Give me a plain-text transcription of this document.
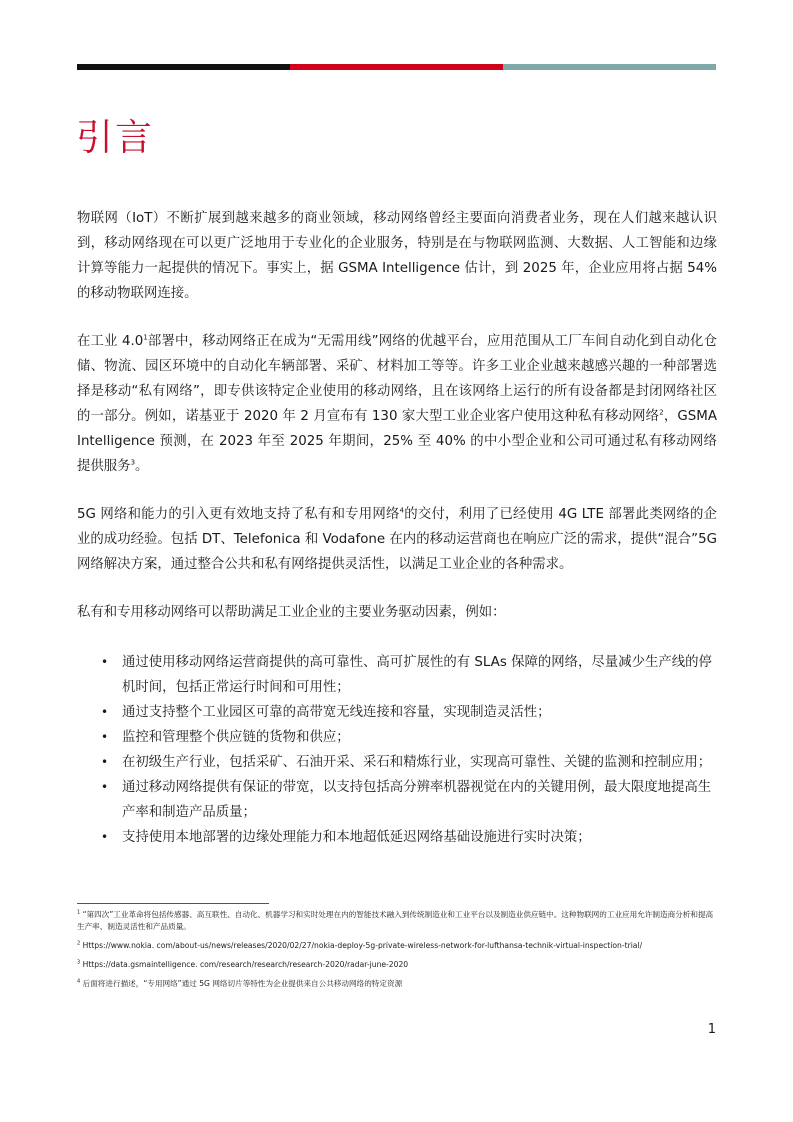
引言

物联网（IoT）不断扩展到越来越多的商业领域，移动网络曾经主要面向消费者业务，现在人们越来越认识到，移动网络现在可以更广泛地用于专业化的企业服务，特别是在与物联网监测、大数据、人工智能和边缘计算等能力一起提供的情况下。事实上，据 GSMA Intelligence 估计，到 2025 年，企业应用将占据 54% 的移动物联网连接。

在工业 $4.0^1$部署中，移动网络正在成为“无需用线”网络的优越平台，应用范围从工厂车间自动化到自动化仓储、物流、园区环境中的自动化车辆部署、采矿、材料加工等等。许多工业企业越来越感兴趣的一种部署选择是移动“私有网络”，即专供该特定企业使用的移动网络，且在该网络上运行的所有设备都是封闭网络社区的一部分。例如，诺基亚于 2020 年 2 月宣布有 130 家大型工业企业客户使用这种私有移动网络$^2$，GSMA Intelligence 预测，在 2023 年至 2025 年期间，25% 至 40% 的中小型企业和公司可通过私有移动网络提供服务$^3$。

5G 网络和能力的引入更有效地支持了私有和专用网络$^4$的交付，利用了已经使用 4G LTE 部署此类网络的企业的成功经验。包括 DT、Telefonica 和 Vodafone 在内的移动运营商也在响应广泛的需求，提供“混合”5G 网络解决方案，通过整合公共和私有网络提供灵活性，以满足工业企业的各种需求。

私有和专用移动网络可以帮助满足工业企业的主要业务驱动因素，例如：

• 通过使用移动网络运营商提供的高可靠性、高可扩展性的有 SLAs 保障的网络，尽量减少生产线的停机时间，包括正常运行时间和可用性；
• 通过支持整个工业园区可靠的高带宽无线连接和容量，实现制造灵活性；
• 监控和管理整个供应链的货物和供应；
• 在初级生产行业，包括采矿、石油开采、采石和精炼行业，实现高可靠性、关键的监测和控制应用；
• 通过移动网络提供有保证的带宽，以支持包括高分辨率机器视觉在内的关键用例，最大限度地提高生产率和制造产品质量；
• 支持使用本地部署的边缘处理能力和本地超低延迟网络基础设施进行实时决策；

$^1$ “第四次”工业革命将包括传感器、高互联性、自动化、机器学习和实时处理在内的智能技术融入到传统制造业和工业平台以及制造业供应链中。这种物联网的工业应用允许制造商分析和提高生产率、制造灵活性和产品质量。

$^2$ Https://www.nokia. com/about-us/news/releases/2020/02/27/nokia-deploy-5g-private-wireless-network-for-lufthansa-technik-virtual-inspection-trial/

$^3$ Https://data.gsmaintelligence. com/research/research/research-2020/radar-june-2020

$^4$ 后面将进行描述，“专用网络”通过 5G 网络切片等特性为企业提供来自公共移动网络的特定资源

1
